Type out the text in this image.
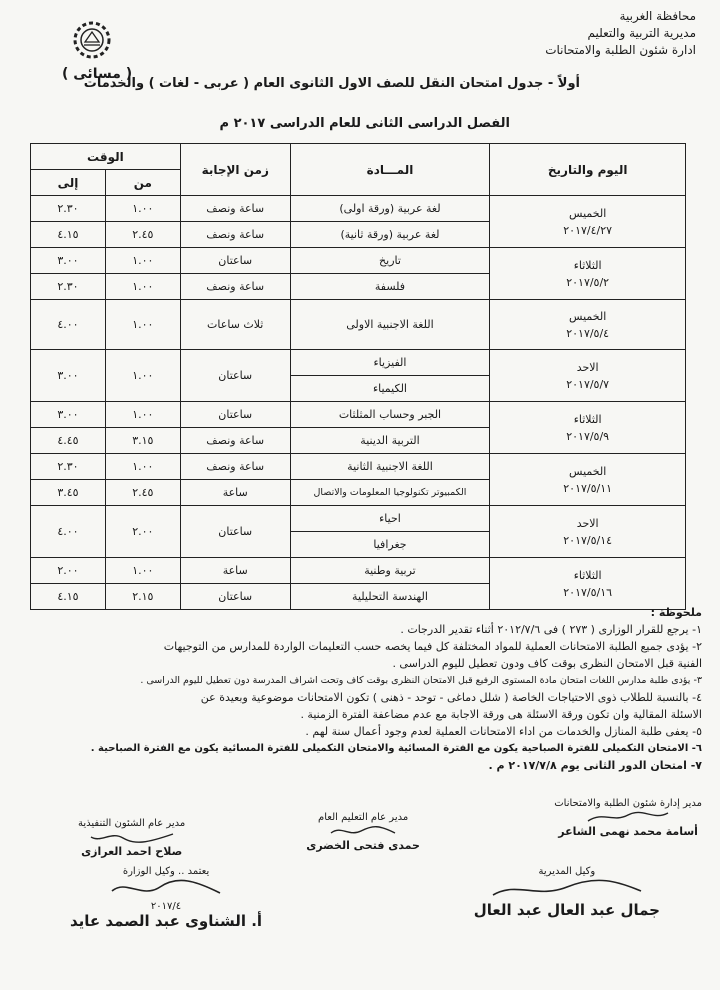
محافظة الغربية
مديرية التربية والتعليم
ادارة شئون الطلبة والامتحانات
( مسائى )
أولاً - جدول امتحان النقل للصف الاول الثانوى العام ( عربى - لغات ) والخدمات
الفصل الدراسى الثانى للعام الدراسى ٢٠١٧ م
اليوم والتاريخ	المـــادة	زمن الإجابة	الوقت	
			من	إلى

الخميس
٢٠١٧/٤/٢٧	لغة عربية (ورقة اولى)	ساعة ونصف	١.٠٠	٢.٣٠
	لغة عربية (ورقة ثانية)	ساعة ونصف	٢.٤٥	٤.١٥

الثلاثاء
٢٠١٧/٥/٢	تاريخ	ساعتان	١.٠٠	٣.٠٠
	فلسفة	ساعة ونصف	١.٠٠	٢.٣٠

الخميس
٢٠١٧/٥/٤	اللغة الاجنبية الاولى	ثلاث ساعات	١.٠٠	٤.٠٠

الاحد
٢٠١٧/٥/٧	الفيزياء	ساعتان	١.٠٠	٣.٠٠
	الكيمياء			

الثلاثاء
٢٠١٧/٥/٩	الجبر وحساب المثلثات	ساعتان	١.٠٠	٣.٠٠
	التربية الدينية	ساعة ونصف	٣.١٥	٤.٤٥

الخميس
٢٠١٧/٥/١١	اللغة الاجنبية الثانية	ساعة ونصف	١.٠٠	٢.٣٠
	الكمبيوتر تكنولوجيا المعلومات والاتصال	ساعة	٢.٤٥	٣.٤٥

الاحد
٢٠١٧/٥/١٤	احياء	ساعتان	٢.٠٠	٤.٠٠
	جغرافيا			

الثلاثاء
٢٠١٧/٥/١٦	تربية وطنية	ساعة	١.٠٠	٢.٠٠
	الهندسة التحليلية	ساعتان	٢.١٥	٤.١٥

ملحوظة :

١- يرجع للقرار الوزارى ( ٢٧٣ ) فى ٢٠١٢/٧/٦ أثناء تقدير الدرجات .

٢- يؤدى جميع الطلبة الامتحانات العملية للمواد المختلفة كل فيما يخصه حسب التعليمات الواردة للمدارس من التوجيهات

الفنية قبل الامتحان النظرى بوقت كاف ودون تعطيل لليوم الدراسى .

٣- يؤدى طلبة مدارس اللغات امتحان مادة المستوى الرفيع قبل الامتحان النظرى بوقت كاف وتحت اشراف المدرسة دون تعطيل لليوم الدراسى .

٤- بالنسبة للطلاب ذوى الاحتياجات الخاصة ( شلل دماغى - توحد - ذهنى ) تكون الامتحانات موضوعية وبعيدة عن

الاسئلة المقالية وان تكون ورقة الاسئلة هى ورقة الاجابة مع عدم مضاعفة الفترة الزمنية .

٥- يعفى طلبة المنازل والخدمات من اداء الامتحانات العملية لعدم وجود أعمال سنة لهم .

٦- الامتحان التكميلى للفترة الصباحية يكون مع الفترة المسائية والامتحان التكميلى للفترة المسائية يكون مع الفترة الصباحية .

٧- امتحان الدور الثانى يوم ٢٠١٧/٧/٨ م .

مدير إدارة شئون الطلبة والامتحانات
أسامة محمد نهمى الشاعر
مدير عام التعليم العام
حمدى فتحى الخضرى
مدير عام الشئون التنفيذية
صلاح احمد العرازى
وكيل المديرية
جمال عبد العال عبد العال
يعتمد .. وكيل الوزارة
٢٠١٧/٤
أ. الشناوى عبد الصمد عايد
